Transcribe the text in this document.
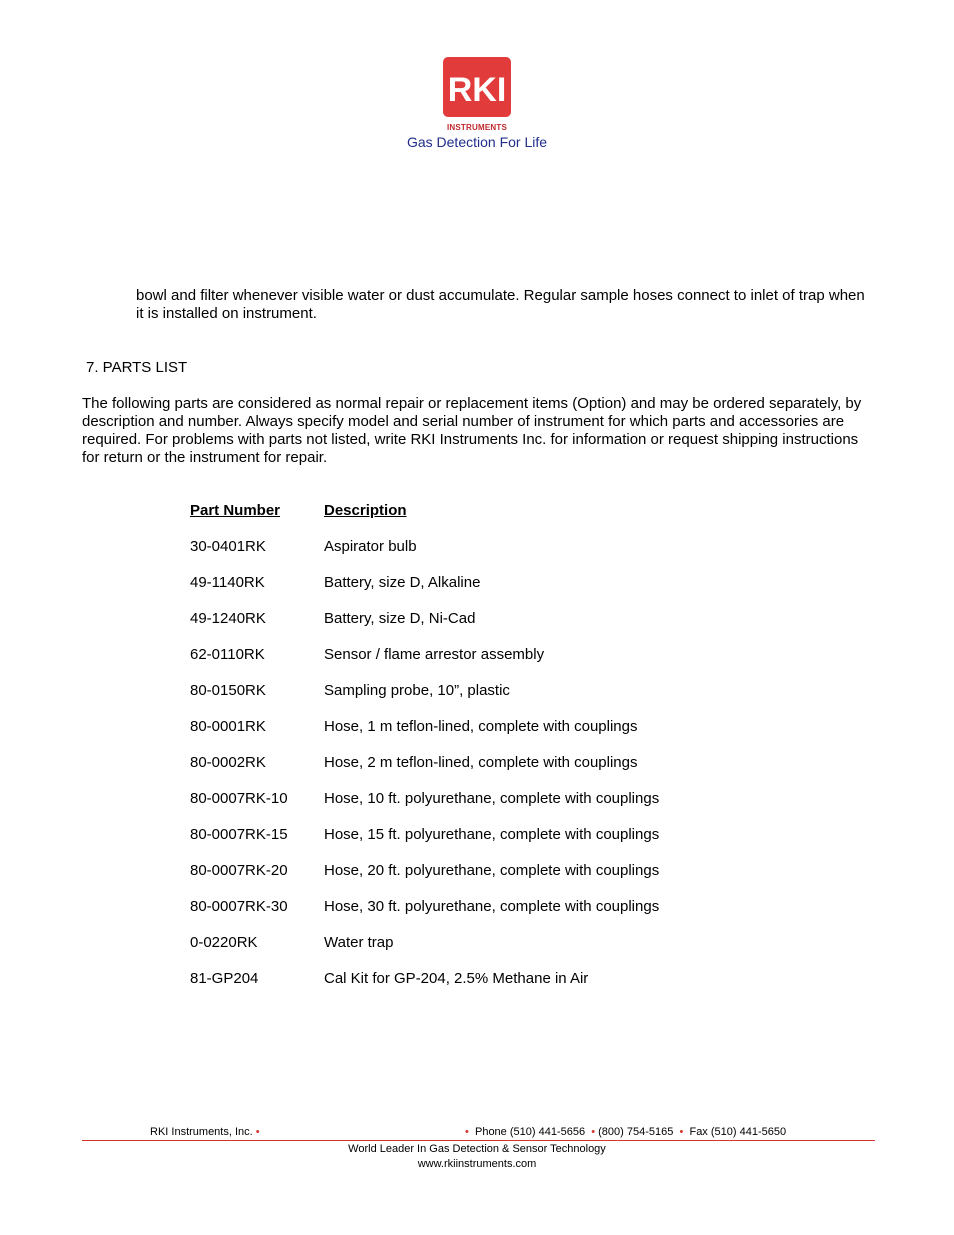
RKI
INSTRUMENTS
Gas Detection For Life
bowl and filter whenever visible water or dust accumulate. Regular sample hoses connect to inlet of trap when it is installed on instrument.
7. PARTS LIST
The following parts are considered as normal repair or replacement items (Option) and may be ordered separately, by description and number. Always specify model and serial number of instrument for which parts and accessories are required. For problems with parts not listed, write RKI Instruments Inc. for information or request shipping instructions for return or the instrument for repair.
Part Number	Description
30-0401RK	Aspirator bulb
49-1140RK	Battery, size D, Alkaline
49-1240RK	Battery, size D, Ni-Cad
62-0110RK	Sensor / flame arrestor assembly
80-0150RK	Sampling probe, 10”, plastic
80-0001RK	Hose, 1 m teflon-lined, complete with couplings
80-0002RK	Hose, 2 m teflon-lined, complete with couplings
80-0007RK-10 Hose, 10 ft. polyurethane, complete with couplings
80-0007RK-15 Hose, 15 ft. polyurethane, complete with couplings
80-0007RK-20 Hose, 20 ft. polyurethane, complete with couplings
80-0007RK-30 Hose, 30 ft. polyurethane, complete with couplings
0-0220RK	Water trap
81-GP204	Cal Kit for GP-204, 2.5% Methane in Air
RKI Instruments, Inc. •	• Phone (510) 441-5656 • (800) 754-5165 • Fax (510) 441-5650
World Leader In Gas Detection & Sensor Technology
www.rkiinstruments.com
